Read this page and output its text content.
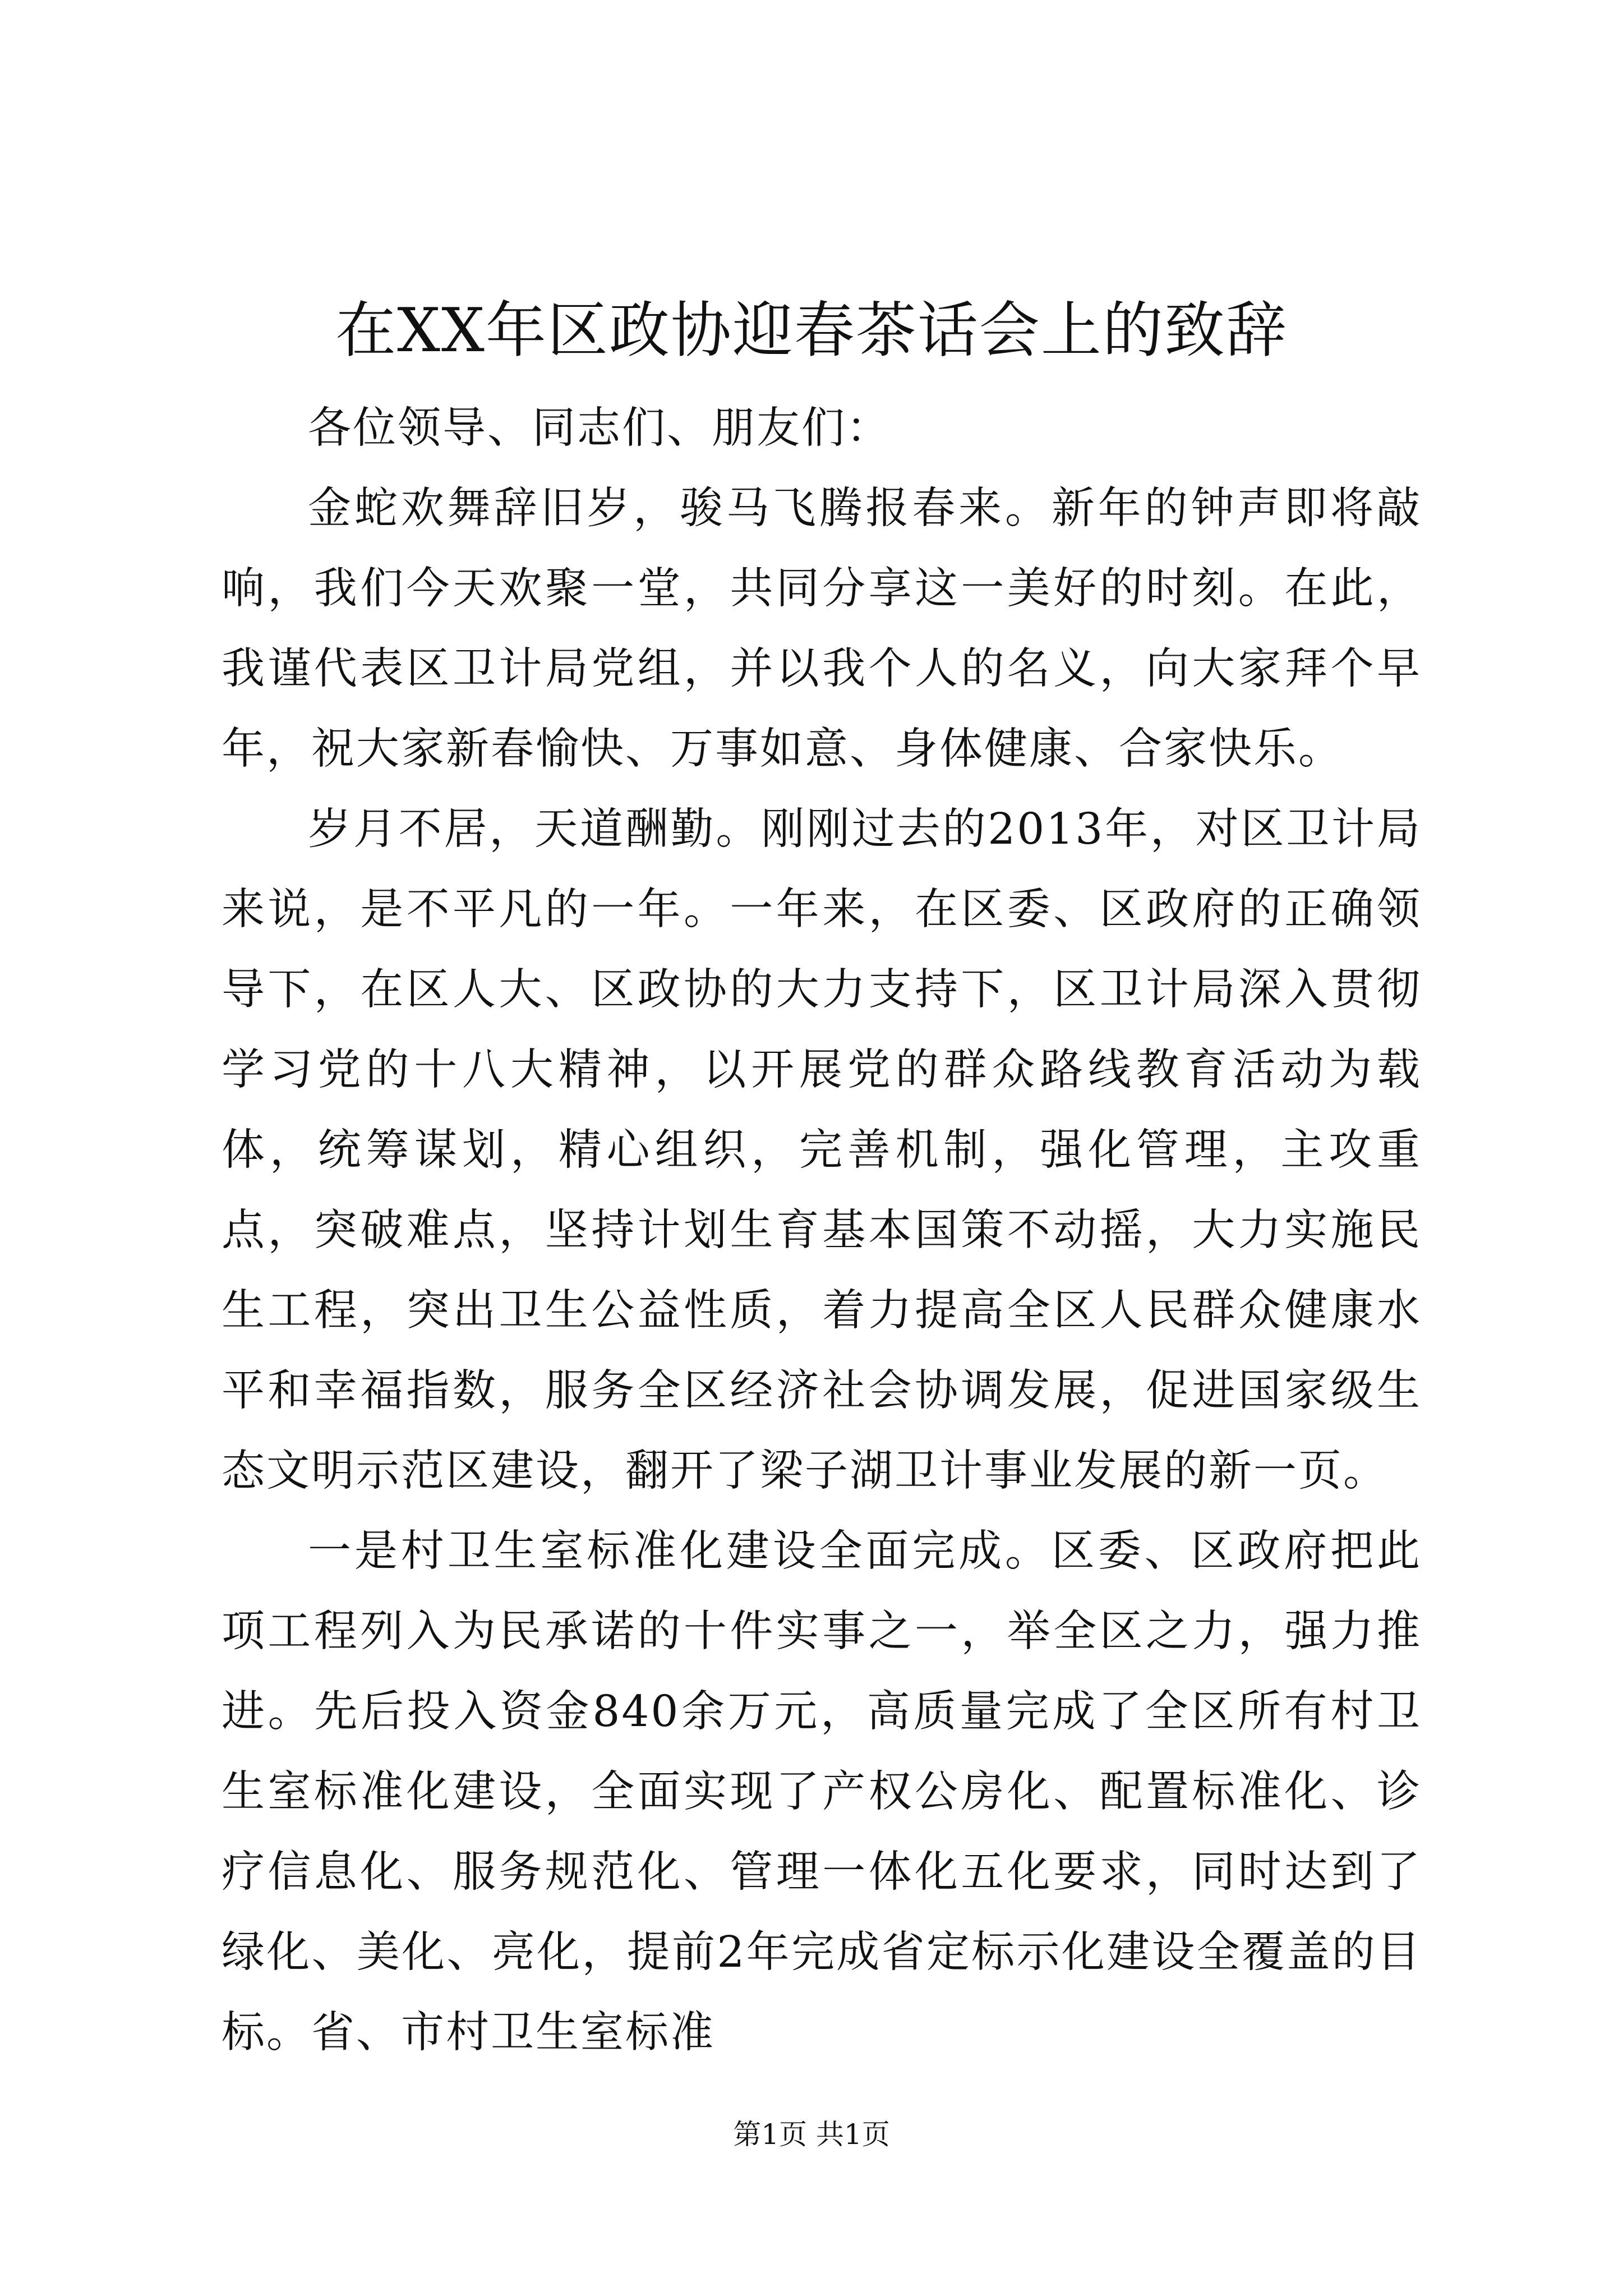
在XX年区政协迎春茶话会上的致辞

各位领导、同志们、朋友们：

金蛇欢舞辞旧岁，骏马飞腾报春来。新年的钟声即将敲响，我们今天欢聚一堂，共同分享这一美好的时刻。在此，我谨代表区卫计局党组，并以我个人的名义，向大家拜个早年，祝大家新春愉快、万事如意、身体健康、合家快乐。

岁月不居，天道酬勤。刚刚过去的2013年，对区卫计局来说，是不平凡的一年。一年来，在区委、区政府的正确领导下，在区人大、区政协的大力支持下，区卫计局深入贯彻学习党的十八大精神，以开展党的群众路线教育活动为载体，统筹谋划，精心组织，完善机制，强化管理，主攻重点，突破难点，坚持计划生育基本国策不动摇，大力实施民生工程，突出卫生公益性质，着力提高全区人民群众健康水平和幸福指数，服务全区经济社会协调发展，促进国家级生态文明示范区建设，翻开了梁子湖卫计事业发展的新一页。

一是村卫生室标准化建设全面完成。区委、区政府把此项工程列入为民承诺的十件实事之一，举全区之力，强力推进。先后投入资金840余万元，高质量完成了全区所有村卫生室标准化建设，全面实现了产权公房化、配置标准化、诊疗信息化、服务规范化、管理一体化五化要求，同时达到了绿化、美化、亮化，提前2年完成省定标示化建设全覆盖的目标。省、市村卫生室标准

第1页 共1页
